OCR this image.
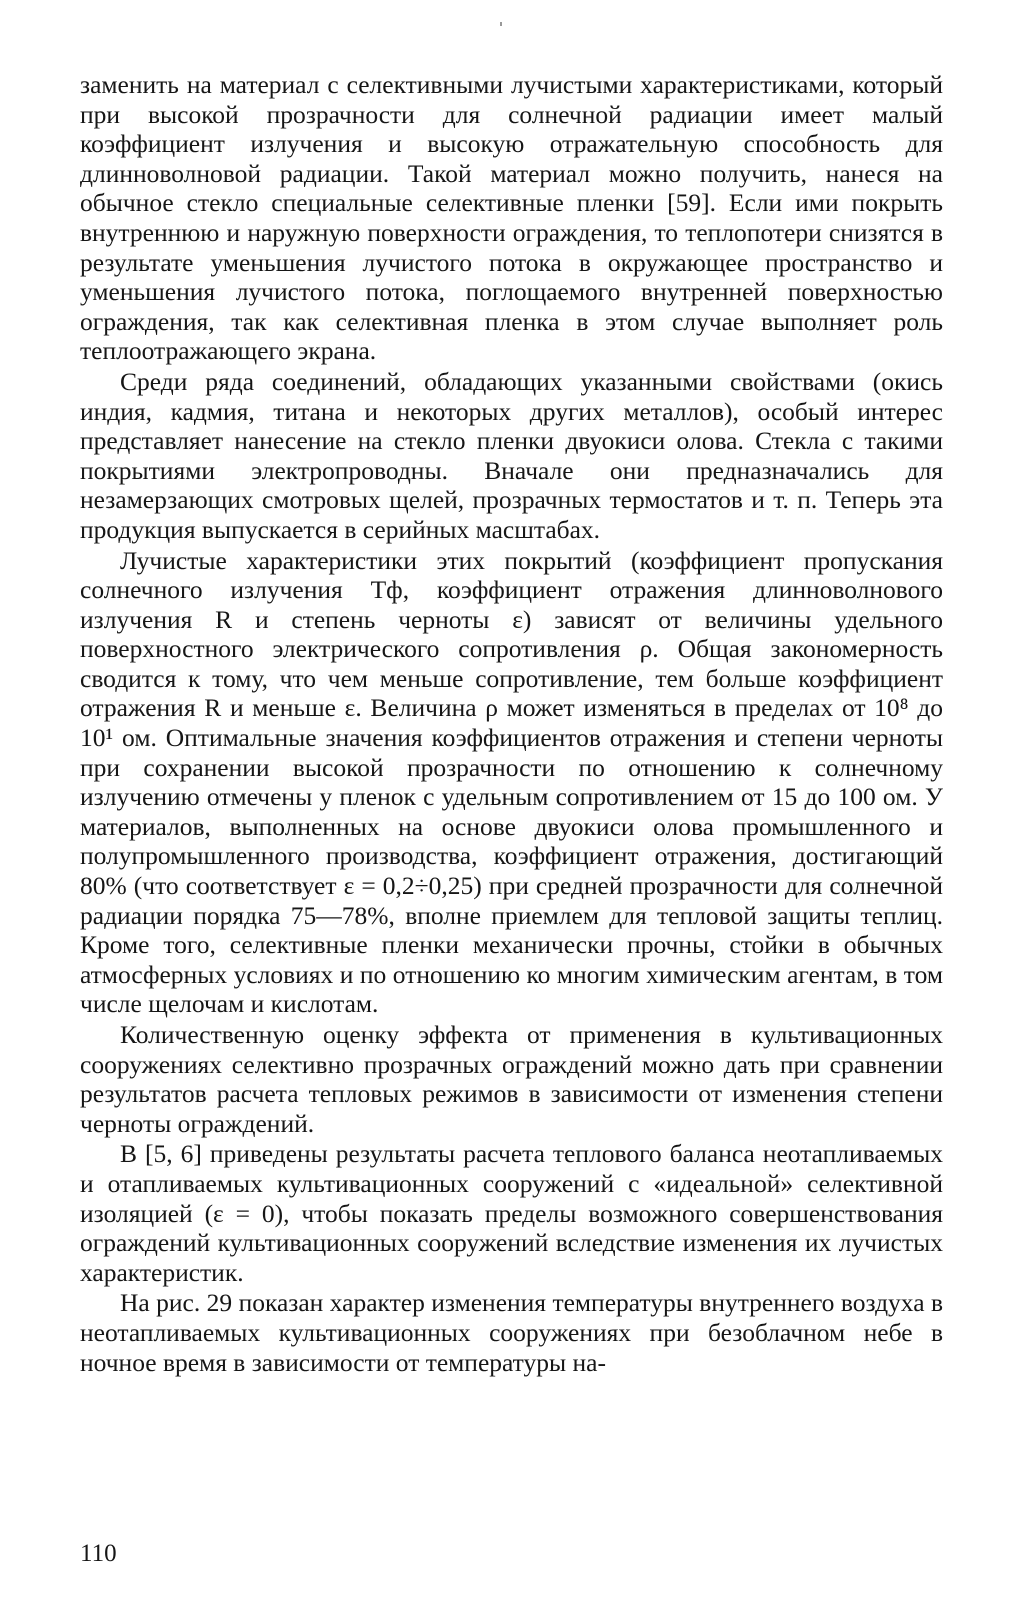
заменить на материал с селективными лучистыми характеристиками, который при высокой прозрачности для солнечной радиации имеет малый коэффициент излучения и высокую отражательную способность для длинноволновой радиации. Такой материал можно получить, нанеся на обычное стекло специальные селективные пленки [59]. Если ими покрыть внутреннюю и наружную поверхности ограждения, то теплопотери снизятся в результате уменьшения лучистого потока в окружающее пространство и уменьшения лучистого потока, поглощаемого внутренней поверхностью ограждения, так как селективная пленка в этом случае выполняет роль теплоотражающего экрана.

Среди ряда соединений, обладающих указанными свойствами (окись индия, кадмия, титана и некоторых других металлов), особый интерес представляет нанесение на стекло пленки двуокиси олова. Стекла с такими покрытиями электропроводны. Вначале они предназначались для незамерзающих смотровых щелей, прозрачных термостатов и т. п. Теперь эта продукция выпускается в серийных масштабах.

Лучистые характеристики этих покрытий (коэффициент пропускания солнечного излучения Tф, коэффициент отражения длинноволнового излучения R и степень черноты ε) зависят от величины удельного поверхностного электрического сопротивления ρ. Общая закономерность сводится к тому, что чем меньше сопротивление, тем больше коэффициент отражения R и меньше ε. Величина ρ может изменяться в пределах от 10⁸ до 10¹ ом. Оптимальные значения коэффициентов отражения и степени черноты при сохранении высокой прозрачности по отношению к солнечному излучению отмечены у пленок с удельным сопротивлением от 15 до 100 ом. У материалов, выполненных на основе двуокиси олова промышленного и полупромышленного производства, коэффициент отражения, достигающий 80% (что соответствует ε = 0,2÷0,25) при средней прозрачности для солнечной радиации порядка 75—78%, вполне приемлем для тепловой защиты теплиц. Кроме того, селективные пленки механически прочны, стойки в обычных атмосферных условиях и по отношению ко многим химическим агентам, в том числе щелочам и кислотам.

Количественную оценку эффекта от применения в культивационных сооружениях селективно прозрачных ограждений можно дать при сравнении результатов расчета тепловых режимов в зависимости от изменения степени черноты ограждений.

В [5, 6] приведены результаты расчета теплового баланса неотапливаемых и отапливаемых культивационных сооружений с «идеальной» селективной изоляцией (ε = 0), чтобы показать пределы возможного совершенствования ограждений культивационных сооружений вследствие изменения их лучистых характеристик.

На рис. 29 показан характер изменения температуры внутреннего воздуха в неотапливаемых культивационных сооружениях при безоблачном небе в ночное время в зависимости от температуры на-

110
